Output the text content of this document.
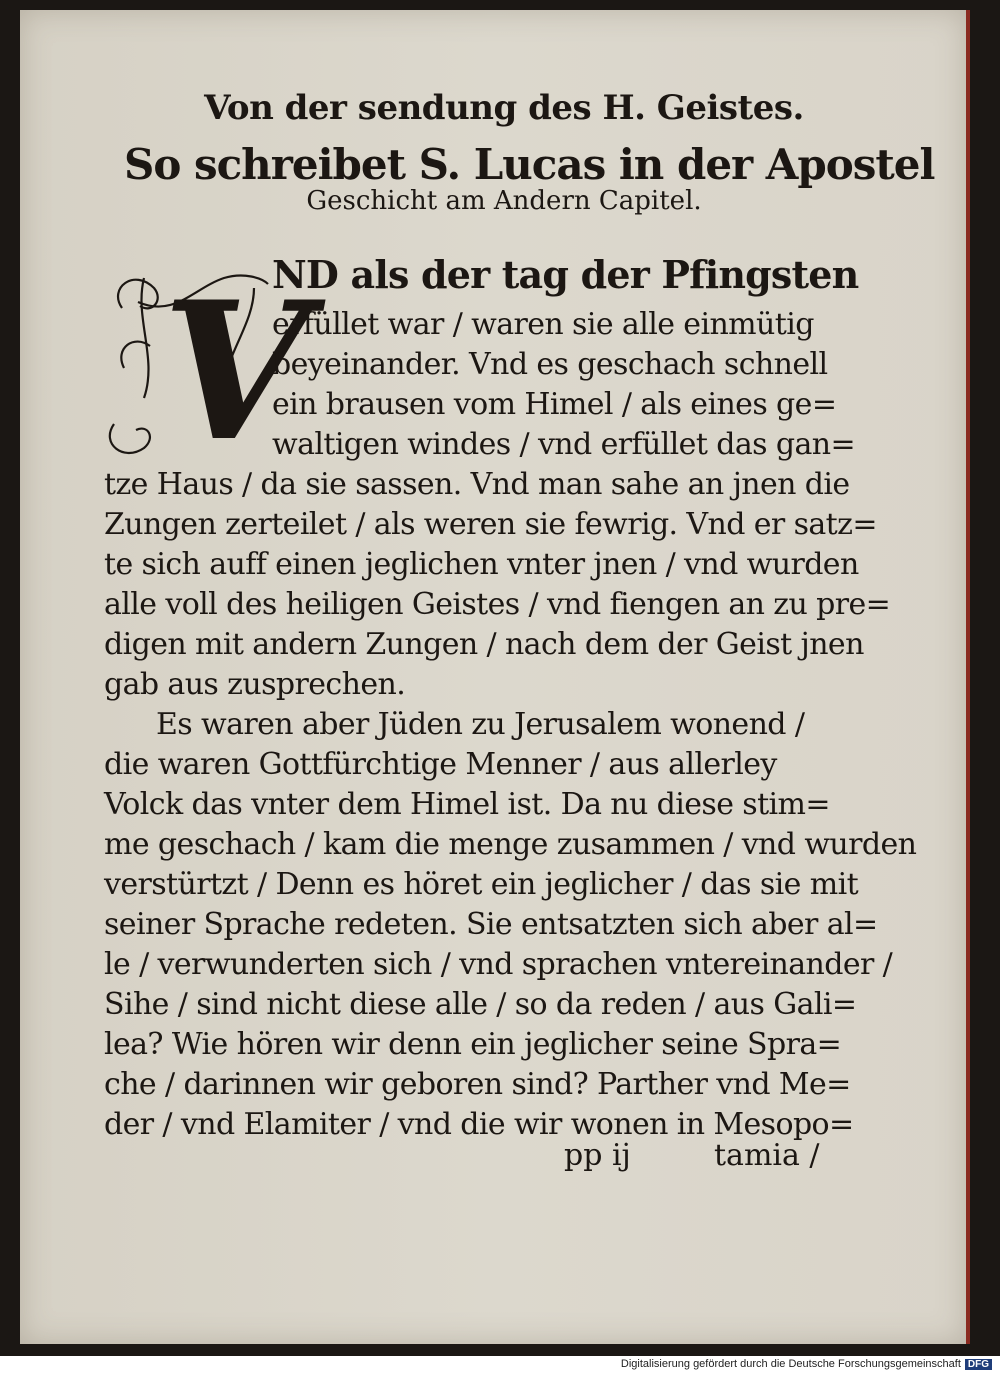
Von der sendung des H. Geistes.
So schreibet S. Lucas in der Apostel
Geschicht am Andern Capitel.
V
ND als der tag der Pfingsten
erfüllet war / waren sie alle einmütig
beyeinander. Vnd es geschach schnell
ein brausen vom Himel / als eines ge=
waltigen windes / vnd erfüllet das gan=
tze Haus / da sie sassen. Vnd man sahe an jnen die
Zungen zerteilet / als weren sie fewrig. Vnd er satz=
te sich auff einen jeglichen vnter jnen / vnd wurden
alle voll des heiligen Geistes / vnd fiengen an zu pre=
digen mit andern Zungen / nach dem der Geist jnen
gab aus zusprechen.
Es waren aber Jüden zu Jerusalem wonend /
die waren Gottfürchtige Menner / aus allerley
Volck das vnter dem Himel ist. Da nu diese stim=
me geschach / kam die menge zusammen / vnd wurden
verstürtzt / Denn es höret ein jeglicher / das sie mit
seiner Sprache redeten. Sie entsatzten sich aber al=
le / verwunderten sich / vnd sprachen vntereinander /
Sihe / sind nicht diese alle / so da reden / aus Gali=
lea? Wie hören wir denn ein jeglicher seine Spra=
che / darinnen wir geboren sind? Parther vnd Me=
der / vnd Elamiter / vnd die wir wonen in Mesopo=
pp ij	tamia /
Digitalisierung gefördert durch die Deutsche Forschungsgemeinschaft DFG
